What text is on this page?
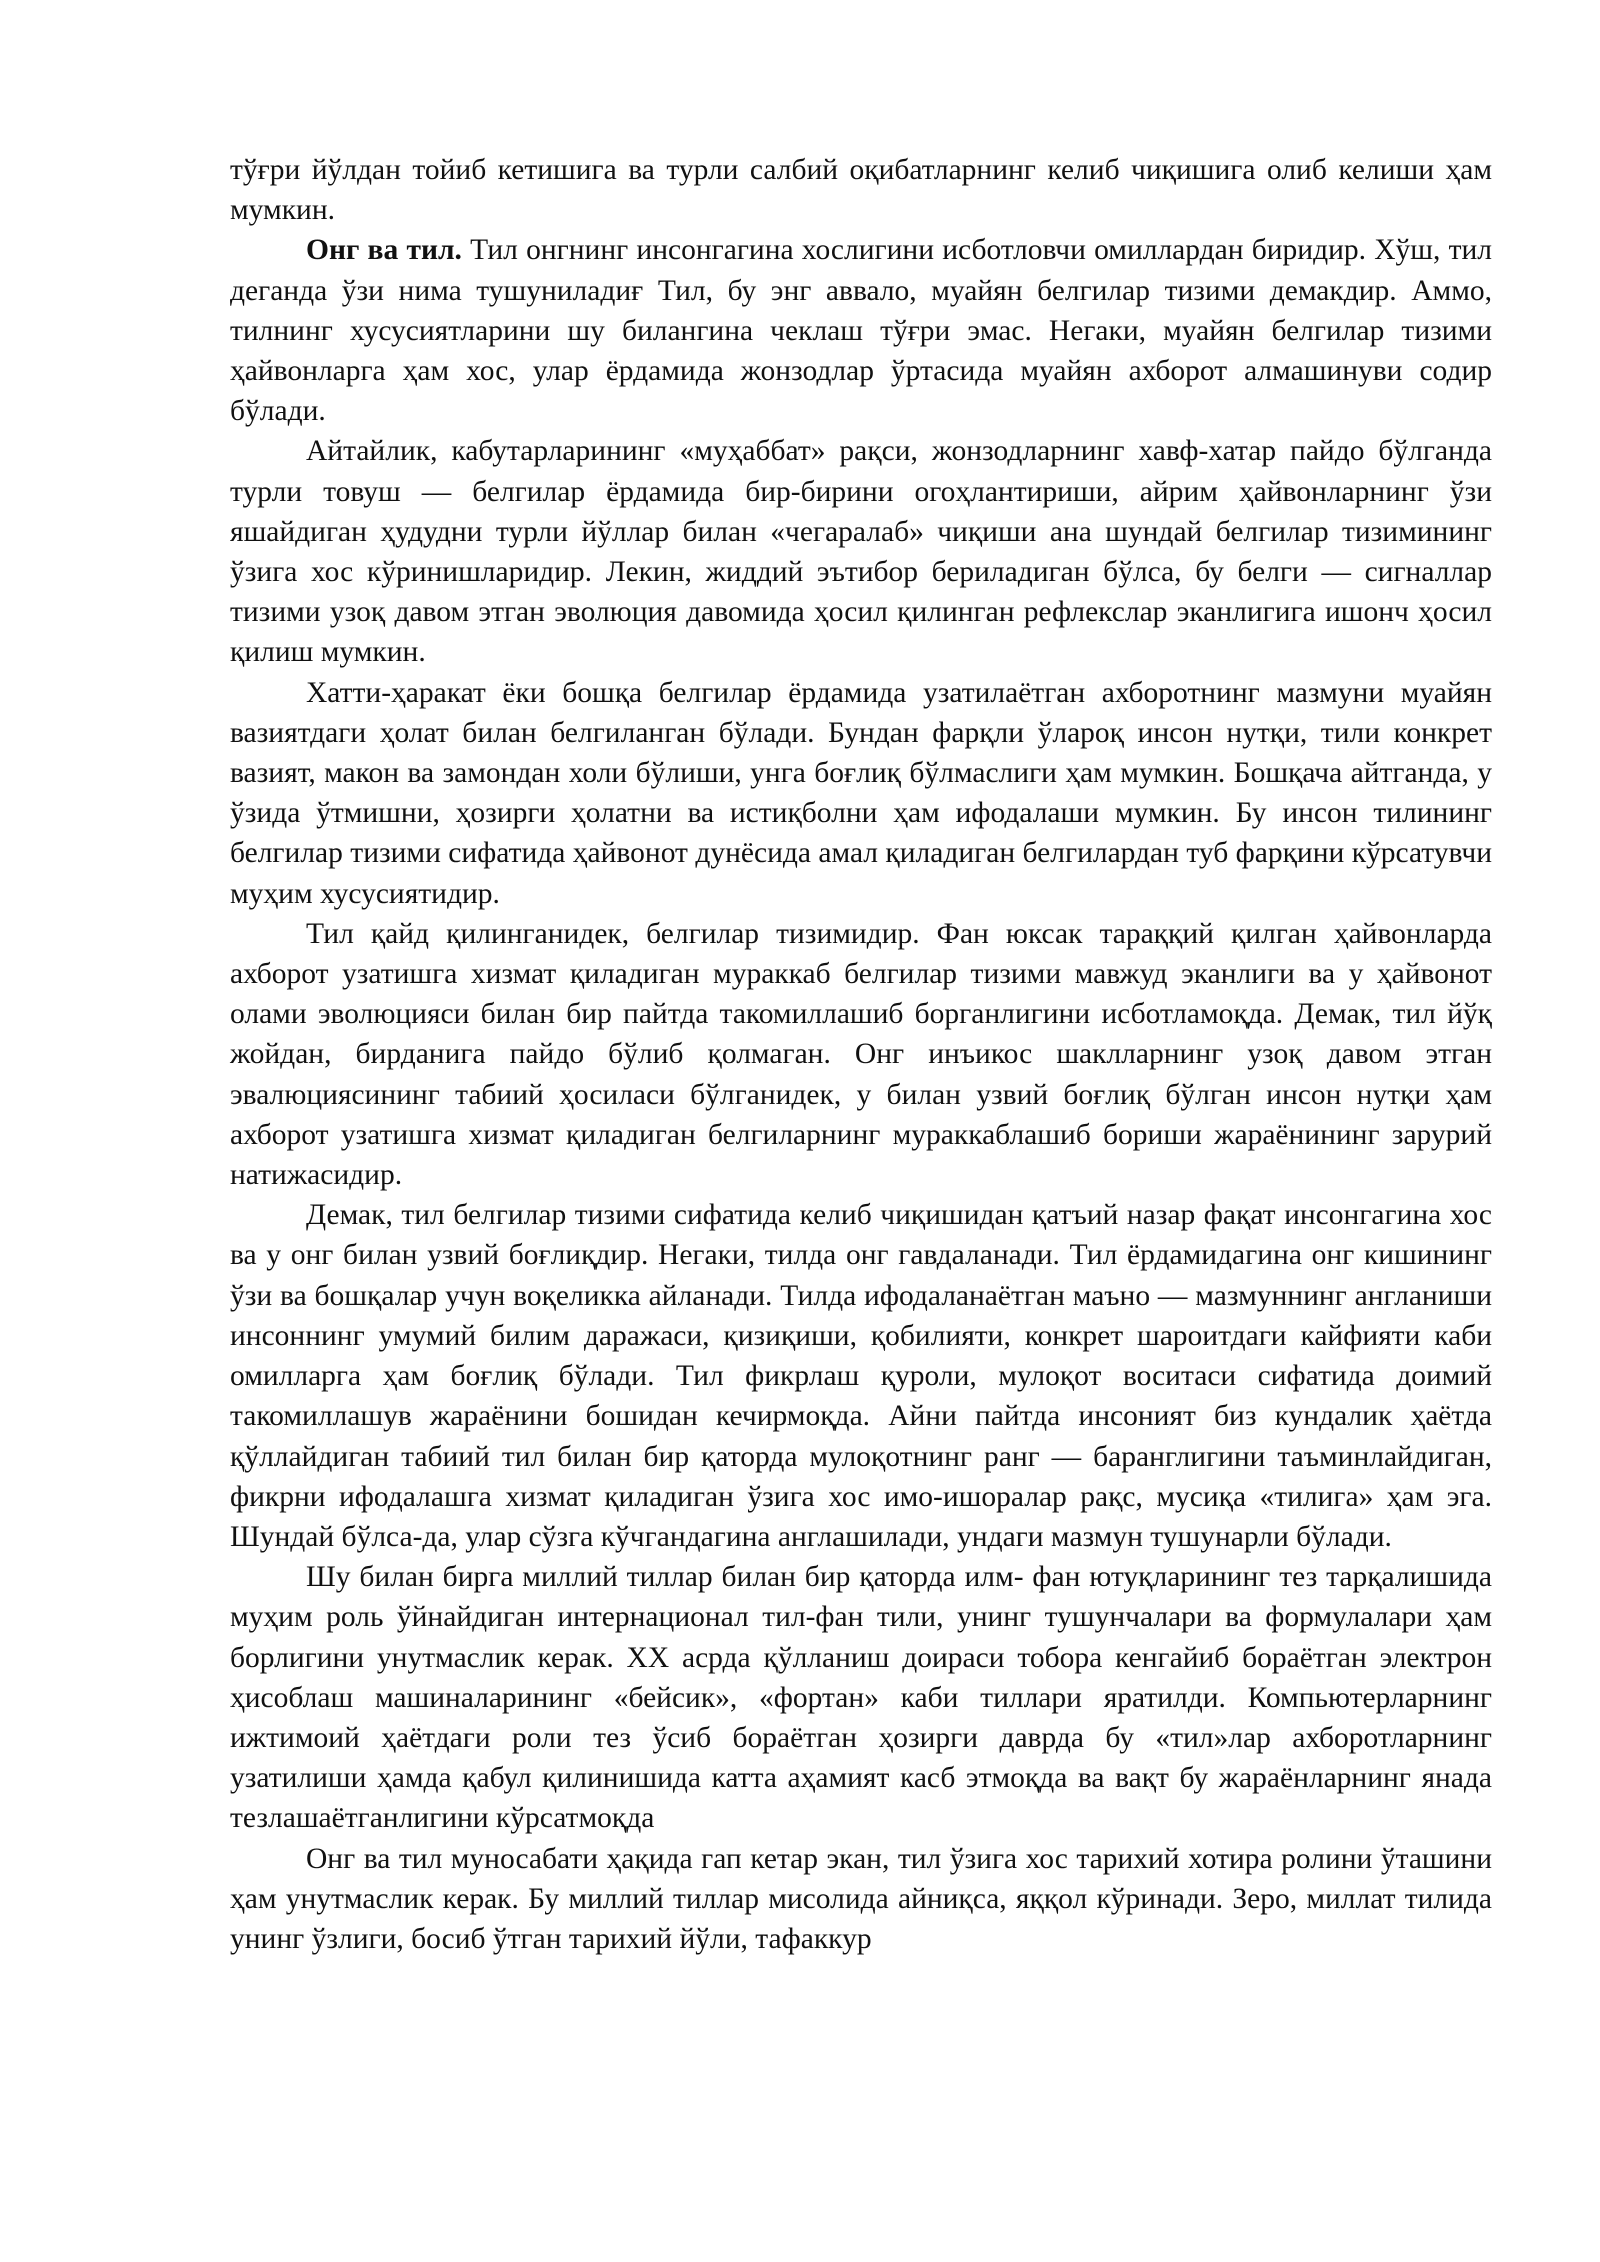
тўғри йўлдан тойиб кетишига ва турли салбий оқибатларнинг келиб чиқишига олиб келиши ҳам мумкин.

Онг ва тил. Тил онгнинг инсонгагина хослигини исботловчи омиллардан биридир. Хўш, тил деганда ўзи нима тушуниладиғ Тил, бу энг аввало, муайян белгилар тизими демакдир. Аммо, тилнинг хусусиятларини шу билангина чеклаш тўғри эмас. Негаки, муайян белгилар тизими ҳайвонларга ҳам хос, улар ёрдамида жонзодлар ўртасида муайян ахборот алмашинуви содир бўлади.

Айтайлик, кабутарларининг «муҳаббат» рақси, жонзодларнинг хавф-хатар пайдо бўлганда турли товуш — белгилар ёрдамида бир-бирини огоҳлантириши, айрим ҳайвонларнинг ўзи яшайдиган ҳудудни турли йўллар билан «чегаралаб» чиқиши ана шундай белгилар тизимининг ўзига хос кўринишларидир. Лекин, жиддий эътибор бериладиган бўлса, бу белги — сигналлар тизими узоқ давом этган эволюция давомида ҳосил қилинган рефлекслар эканлигига ишонч ҳосил қилиш мумкин.

Хатти-ҳаракат ёки бошқа белгилар ёрдамида узатилаётган ахборотнинг мазмуни муайян вазиятдаги ҳолат билан белгиланган бўлади. Бундан фарқли ўлароқ инсон нутқи, тили конкрет вазият, макон ва замондан холи бўлиши, унга боғлиқ бўлмаслиги ҳам мумкин. Бошқача айтганда, у ўзида ўтмишни, ҳозирги ҳолатни ва истиқболни ҳам ифодалаши мумкин. Бу инсон тилининг белгилар тизими сифатида ҳайвонот дунёсида амал қиладиган белгилардан туб фарқини кўрсатувчи муҳим хусусиятидир.

Тил қайд қилинганидек, белгилар тизимидир. Фан юксак тараққий қилган ҳайвонларда ахборот узатишга хизмат қиладиган мураккаб белгилар тизими мавжуд эканлиги ва у ҳайвонот олами эволюцияси билан бир пайтда такомиллашиб борганлигини исботламоқда. Демак, тил йўқ жойдан, бирданига пайдо бўлиб қолмаган. Онг инъикос шаклларнинг узоқ давом этган эвалюциясининг табиий ҳосиласи бўлганидек, у билан узвий боғлиқ бўлган инсон нутқи ҳам ахборот узатишга хизмат қиладиган белгиларнинг мураккаблашиб бориши жараёнининг зарурий натижасидир.

Демак, тил белгилар тизими сифатида келиб чиқишидан қатъий назар фақат инсонгагина хос ва у онг билан узвий боғлиқдир. Негаки, тилда онг гавдаланади. Тил ёрдамидагина онг кишининг ўзи ва бошқалар учун воқеликка айланади. Тилда ифодаланаётган маъно — мазмуннинг англаниши инсоннинг умумий билим даражаси, қизиқиши, қобилияти, конкрет шароитдаги кайфияти каби омилларга ҳам боғлиқ бўлади. Тил фикрлаш қуроли, мулоқот воситаси сифатида доимий такомиллашув жараёнини бошидан кечирмоқда. Айни пайтда инсоният биз кундалик ҳаётда қўллайдиган табиий тил билан бир қаторда мулоқотнинг ранг — баранглигини таъминлайдиган, фикрни ифодалашга хизмат қиладиган ўзига хос имо-ишоралар рақс, мусиқа «тилига» ҳам эга. Шундай бўлса-да, улар сўзга кўчгандагина англашилади, ундаги мазмун тушунарли бўлади.

Шу билан бирга миллий тиллар билан бир қаторда илм- фан ютуқларининг тез тарқалишида муҳим роль ўйнайдиган интернационал тил-фан тили, унинг тушунчалари ва формулалари ҳам борлигини унутмаслик керак. XX асрда қўлланиш доираси тобора кенгайиб бораётган электрон ҳисоблаш машиналарининг «бейсик», «фортан» каби тиллари яратилди. Компьютерларнинг ижтимоий ҳаётдаги роли тез ўсиб бораётган ҳозирги даврда бу «тил»лар ахборотларнинг узатилиши ҳамда қабул қилинишида катта аҳамият касб этмоқда ва вақт бу жараёнларнинг янада тезлашаётганлигини кўрсатмоқда

Онг ва тил муносабати ҳақида гап кетар экан, тил ўзига хос тарихий хотира ролини ўташини ҳам унутмаслик керак. Бу миллий тиллар мисолида айниқса, яққол кўринади. Зеро, миллат тилида унинг ўзлиги, босиб ўтган тарихий йўли, тафаккур
